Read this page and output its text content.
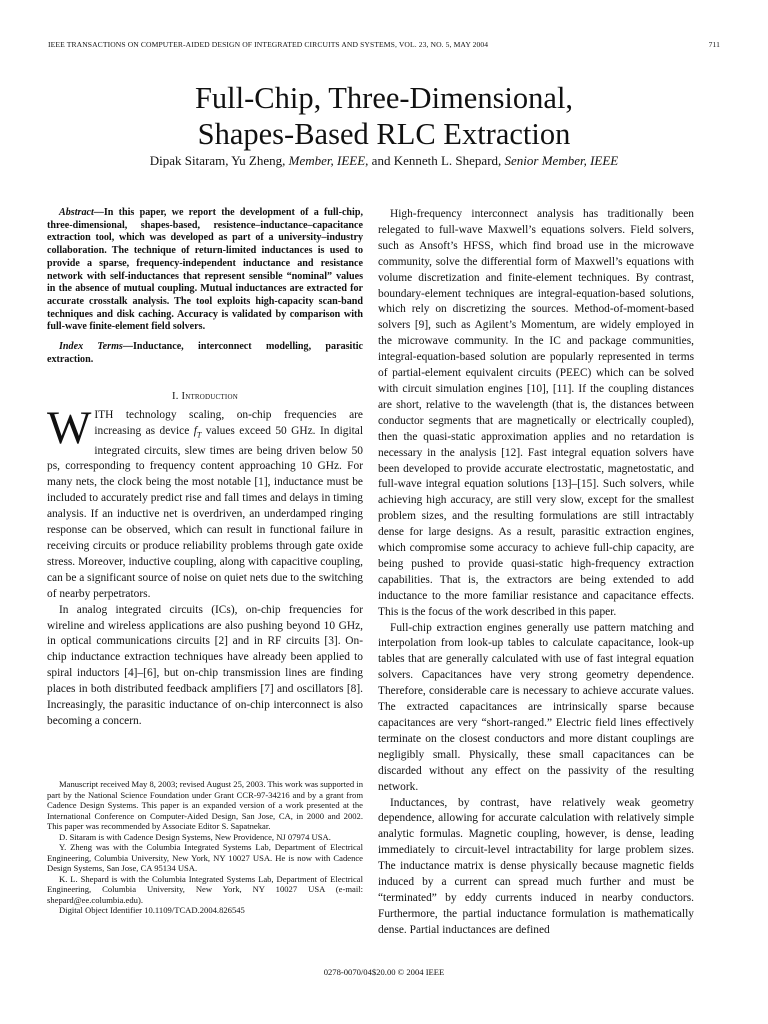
IEEE TRANSACTIONS ON COMPUTER-AIDED DESIGN OF INTEGRATED CIRCUITS AND SYSTEMS, VOL. 23, NO. 5, MAY 2004	711
Full-Chip, Three-Dimensional,
Shapes-Based RLC Extraction
Dipak Sitaram, Yu Zheng, Member, IEEE, and Kenneth L. Shepard, Senior Member, IEEE

Abstract—In this paper, we report the development of a full-chip, three-dimensional, shapes-based, resistence–inductance–capacitance extraction tool, which was developed as part of a university–industry collaboration. The technique of return-limited inductances is used to provide a sparse, frequency-independent inductance and resistance network with self-inductances that represent sensible “nominal” values in the absence of mutual coupling. Mutual inductances are extracted for accurate crosstalk analysis. The tool exploits high-capacity scan-band techniques and disk caching. Accuracy is validated by comparison with full-wave finite-element field solvers.

Index Terms—Inductance, interconnect modelling, parasitic extraction.

I. Introduction

WITH technology scaling, on-chip frequencies are increasing as device $f_T$ values exceed 50 GHz. In digital integrated circuits, slew times are being driven below 50 ps, corresponding to frequency content approaching 10 GHz. For many nets, the clock being the most notable [1], inductance must be included to accurately predict rise and fall times and delays in timing analysis. If an inductive net is overdriven, an underdamped ringing response can be observed, which can result in functional failure in receiving circuits or produce reliability problems through gate oxide stress. Moreover, inductive coupling, along with capacitive coupling, can be a significant source of noise on quiet nets due to the switching of nearby perpetrators.

In analog integrated circuits (ICs), on-chip frequencies for wireline and wireless applications are also pushing beyond 10 GHz, in optical communications circuits [2] and in RF circuits [3]. On-chip inductance extraction techniques have already been applied to spiral inductors [4]–[6], but on-chip transmission lines are finding places in both distributed feedback amplifiers [7] and oscillators [8]. Increasingly, the parasitic inductance of on-chip interconnect is also becoming a concern.

Manuscript received May 8, 2003; revised August 25, 2003. This work was supported in part by the National Science Foundation under Grant CCR-97-34216 and by a grant from Cadence Design Systems. This paper is an expanded version of a work presented at the International Conference on Computer-Aided Design, San Jose, CA, in 2000 and 2002. This paper was recommended by Associate Editor S. Sapatnekar.

D. Sitaram is with Cadence Design Systems, New Providence, NJ 07974 USA.

Y. Zheng was with the Columbia Integrated Systems Lab, Department of Electrical Engineering, Columbia University, New York, NY 10027 USA. He is now with Cadence Design Systems, San Jose, CA 95134 USA.

K. L. Shepard is with the Columbia Integrated Systems Lab, Department of Electrical Engineering, Columbia University, New York, NY 10027 USA (e-mail: shepard@ee.columbia.edu).

Digital Object Identifier 10.1109/TCAD.2004.826545

High-frequency interconnect analysis has traditionally been relegated to full-wave Maxwell’s equations solvers. Field solvers, such as Ansoft’s HFSS, which find broad use in the microwave community, solve the differential form of Maxwell’s equations with volume discretization and finite-element techniques. By contrast, boundary-element techniques are integral-equation-based solutions, which rely on discretizing the sources. Method-of-moment-based solvers [9], such as Agilent’s Momentum, are widely employed in the microwave community. In the IC and package communities, integral-equation-based solution are popularly represented in terms of partial-element equivalent circuits (PEEC) which can be solved with circuit simulation engines [10], [11]. If the coupling distances are short, relative to the wavelength (that is, the distances between conductor segments that are magnetically or electrically coupled), then the quasi-static approximation applies and no retardation is necessary in the analysis [12]. Fast integral equation solvers have been developed to provide accurate electrostatic, magnetostatic, and full-wave integral equation solutions [13]–[15]. Such solvers, while achieving high accuracy, are still very slow, except for the smallest problem sizes, and the resulting formulations are still intractably dense for large designs. As a result, parasitic extraction engines, which compromise some accuracy to achieve full-chip capacity, are being pushed to provide quasi-static high-frequency extraction capabilities. That is, the extractors are being extended to add inductance to the more familiar resistance and capacitance effects. This is the focus of the work described in this paper.

Full-chip extraction engines generally use pattern matching and interpolation from look-up tables to calculate capacitance, look-up tables that are generally calculated with use of fast integral equation solvers. Capacitances have very strong geometry dependence. Therefore, considerable care is necessary to achieve accurate values. The extracted capacitances are intrinsically sparse because capacitances are very “short-ranged.” Electric field lines effectively terminate on the closest conductors and more distant couplings are negligibly small. Physically, these small capacitances can be discarded without any effect on the passivity of the resulting network.

Inductances, by contrast, have relatively weak geometry dependence, allowing for accurate calculation with relatively simple analytic formulas. Magnetic coupling, however, is dense, leading immediately to circuit-level intractability for large problem sizes. The inductance matrix is dense physically because magnetic fields induced by a current can spread much further and must be “terminated” by eddy currents induced in nearby conductors. Furthermore, the partial inductance formulation is mathematically dense. Partial inductances are defined

0278-0070/04$20.00 © 2004 IEEE
